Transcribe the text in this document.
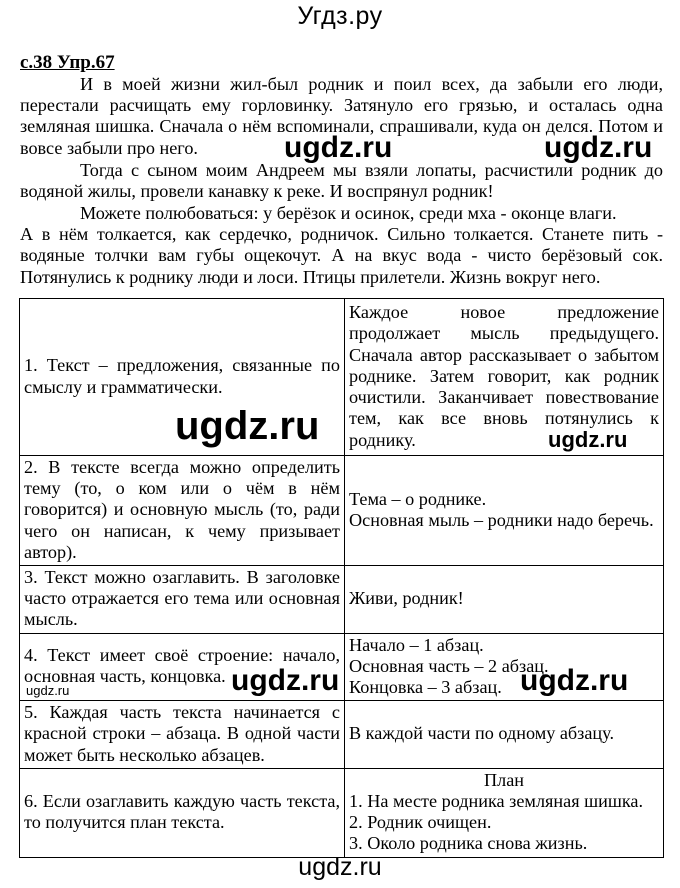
Угдз.ру
с.38 Упр.67

И в моей жизни жил-был родник и поил всех, да забыли его люди, перестали расчищать ему горловинку. Затянуло его грязью, и осталась одна земляная шишка. Сначала о нём вспоминали, спрашивали, куда он делся. Потом и вовсе забыли про него.

Тогда с сыном моим Андреем мы взяли лопаты, расчистили родник до водяной жилы, провели канавку к реке. И воспрянул родник!

Можете полюбоваться: у берёзок и осинок, среди мха - оконце влаги.
А в нём толкается, как сердечко, родничок. Сильно толкается. Станете пить -
водяные толчки вам губы ощекочут. А на вкус вода - чисто берёзовый сок.
Потянулись к роднику люди и лоси. Птицы прилетели. Жизнь вокруг него.

1. Текст – предложения, связанные по смыслу и грамматически.	Каждое новое предложение продолжает мысль предыдущего. Сначала автор рассказывает о забытом роднике. Затем говорит, как родник очистили. Заканчивает повествование тем, как все вновь потянулись к роднику.
2. В тексте всегда можно определить тему (то, о ком или о чём в нём говорится) и основную мысль (то, ради чего он написан, к чему призывает автор).	Тема – о роднике.
Основная мыль – родники надо беречь.

3. Текст можно озаглавить. В заголовке часто отражается его тема или основная мысль.	Живи, родник!
4. Текст имеет своё строение: начало, основная часть, концовка.	Начало – 1 абзац.
Основная часть – 2 абзац.
Концовка – 3 абзац.

5. Каждая часть текста начинается с красной строки – абзаца. В одной части может быть несколько абзацев.	В каждой части по одному абзацу.
6. Если озаглавить каждую часть текста, то получится план текста.	План
1. На месте родника земляная шишка.
2. Родник очищен.
3. Около родника снова жизнь.
ugdz.ru	ugdz.ru
ugdz.ru	ugdz.ru
ugdz.ru	ugdz.ru	ugdz.ru
ugdz.ru
